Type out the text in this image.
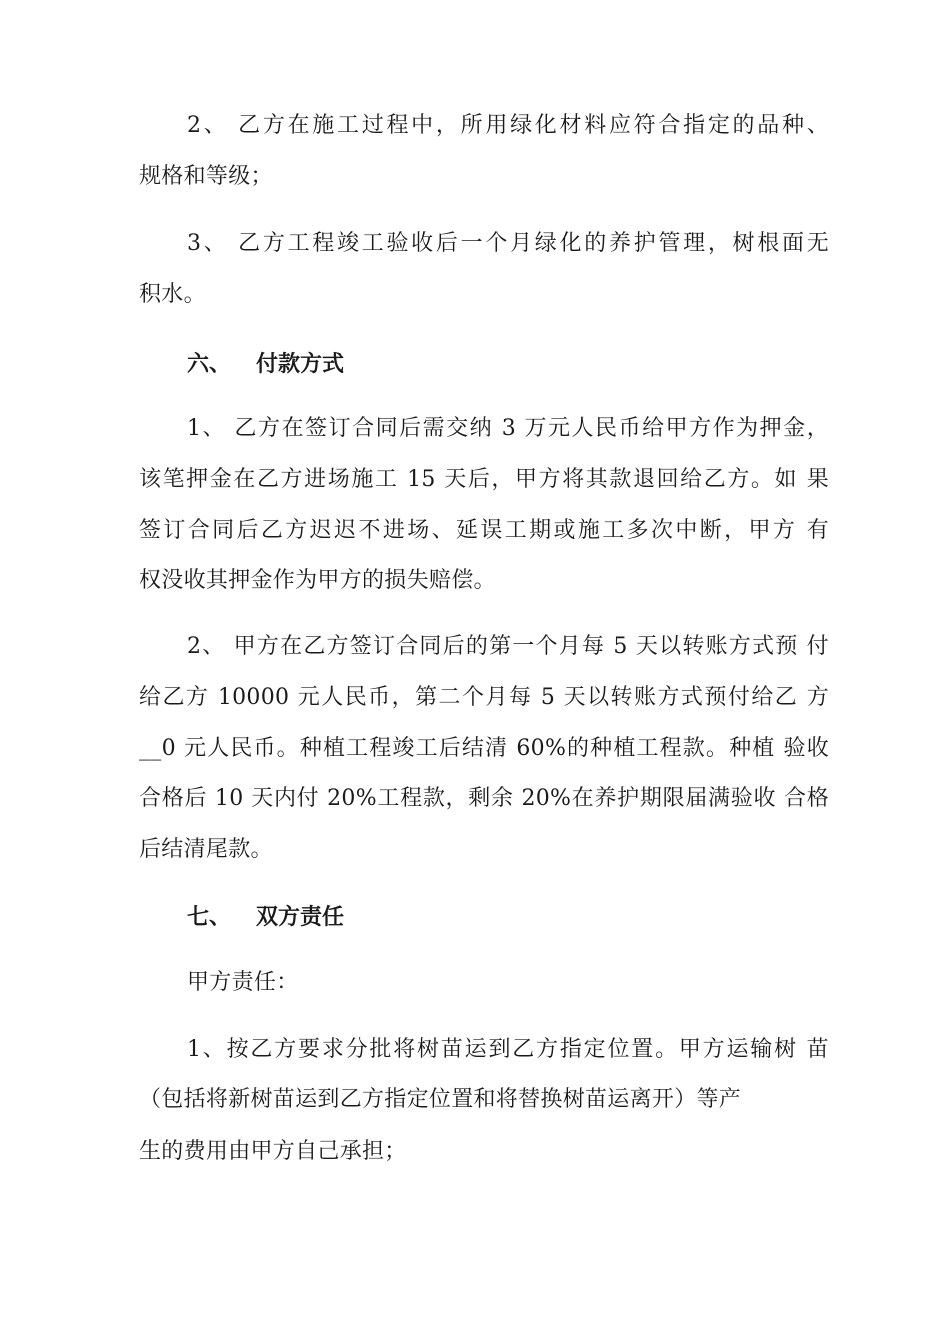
2、 乙方在施工过程中，所用绿化材料应符合指定的品种、
规格和等级；
3、 乙方工程竣工验收后一个月绿化的养护管理，树根面无
积水。
六、 付款方式
1、 乙方在签订合同后需交纳 3 万元人民币给甲方作为押金，
该笔押金在乙方进场施工 15 天后，甲方将其款退回给乙方。如 果
签订合同后乙方迟迟不进场、延误工期或施工多次中断，甲方 有
权没收其押金作为甲方的损失赔偿。
2、 甲方在乙方签订合同后的第一个月每 5 天以转账方式预 付
给乙方 10000 元人民币，第二个月每 5 天以转账方式预付给乙 方
__0 元人民币。种植工程竣工后结清 60%的种植工程款。种植 验收
合格后 10 天内付 20%工程款，剩余 20%在养护期限届满验收 合格
后结清尾款。
七、 双方责任
甲方责任：
1、按乙方要求分批将树苗运到乙方指定位置。甲方运输树 苗
（包括将新树苗运到乙方指定位置和将替换树苗运离开）等产
生的费用由甲方自己承担；
